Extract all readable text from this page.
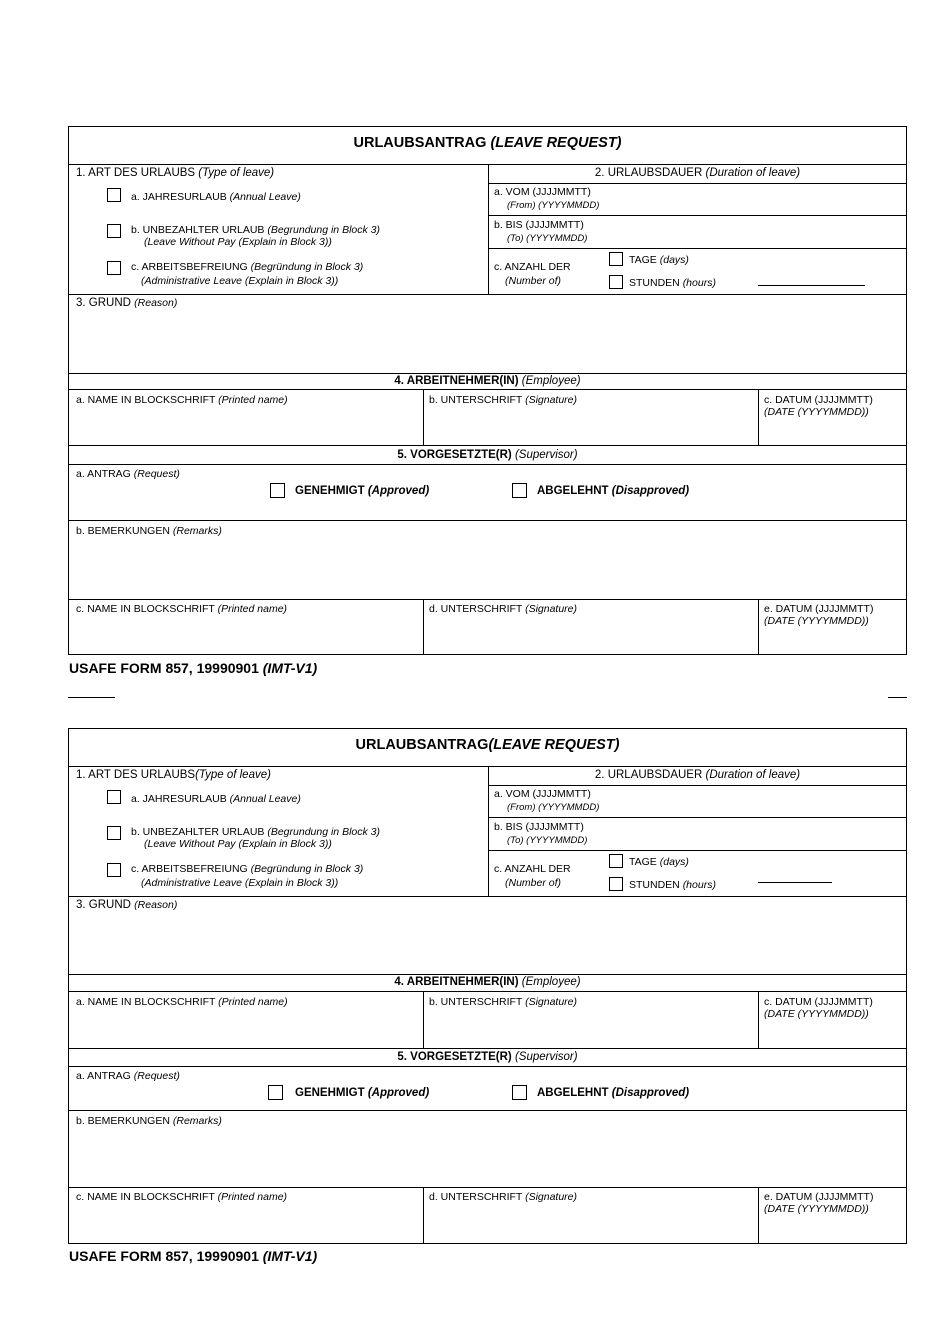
URLAUBSANTRAG (LEAVE REQUEST)
1. ART DES URLAUBS (Type of leave)
a. JAHRESURLAUB (Annual Leave)
b. UNBEZAHLTER URLAUB (Begrundung in Block 3)
(Leave Without Pay (Explain in Block 3))
c. ARBEITSBEFREIUNG (Begründung in Block 3)
(Administrative Leave (Explain in Block 3))
2. URLAUBSDAUER (Duration of leave)
a. VOM (JJJJMMTT)
(From) (YYYYMMDD)
b. BIS (JJJJMMTT)
(To) (YYYYMMDD)
c. ANZAHL DER
(Number of)
TAGE (days)
STUNDEN (hours)
3. GRUND (Reason)
4. ARBEITNEHMER(IN) (Employee)
a. NAME IN BLOCKSCHRIFT (Printed name)	b. UNTERSCHRIFT (Signature)	c. DATUM (JJJJMMTT)
(DATE (YYYYMMDD))
5. VORGESETZTE(R) (Supervisor)
a. ANTRAG (Request)
GENEHMIGT (Approved)	ABGELEHNT (Disapproved)
b. BEMERKUNGEN (Remarks)
c. NAME IN BLOCKSCHRIFT (Printed name)	d. UNTERSCHRIFT (Signature)	e. DATUM (JJJJMMTT)
(DATE (YYYYMMDD))
USAFE FORM 857, 19990901 (IMT-V1)
URLAUBSANTRAG(LEAVE REQUEST)
1. ART DES URLAUBS(Type of leave)
a. JAHRESURLAUB (Annual Leave)
b. UNBEZAHLTER URLAUB (Begrundung in Block 3)
(Leave Without Pay (Explain in Block 3))
c. ARBEITSBEFREIUNG (Begründung in Block 3)
(Administrative Leave (Explain in Block 3))
2. URLAUBSDAUER (Duration of leave)
a. VOM (JJJJMMTT)
(From) (YYYYMMDD)
b. BIS (JJJJMMTT)
(To) (YYYYMMDD)
c. ANZAHL DER
(Number of)
TAGE (days)
STUNDEN (hours)
3. GRUND (Reason)
4. ARBEITNEHMER(IN) (Employee)
a. NAME IN BLOCKSCHRIFT (Printed name)	b. UNTERSCHRIFT (Signature)	c. DATUM (JJJJMMTT)
(DATE (YYYYMMDD))
5. VORGESETZTE(R) (Supervisor)
a. ANTRAG (Request)
GENEHMIGT (Approved)	ABGELEHNT (Disapproved)
b. BEMERKUNGEN (Remarks)
c. NAME IN BLOCKSCHRIFT (Printed name)	d. UNTERSCHRIFT (Signature)	e. DATUM (JJJJMMTT)
(DATE (YYYYMMDD))
USAFE FORM 857, 19990901 (IMT-V1)
